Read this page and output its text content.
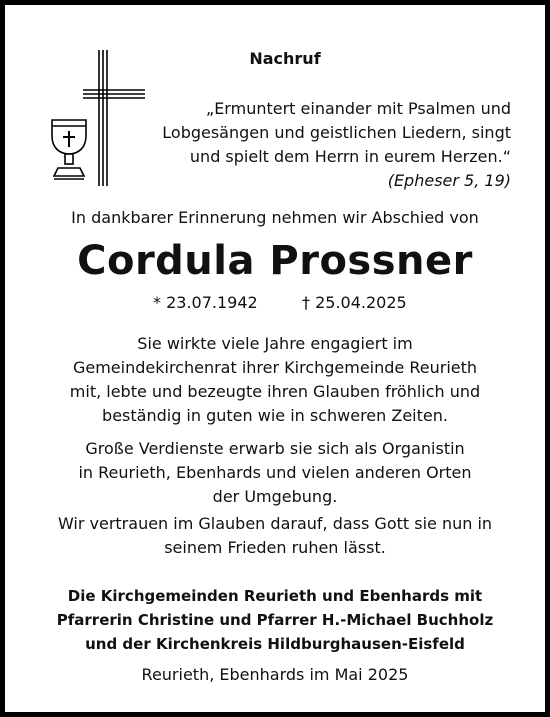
Nachruf
„Ermuntert einander mit Psalmen und
Lobgesängen und geistlichen Liedern, singt
und spielt dem Herrn in eurem Herzen.“
(Epheser 5, 19)
In dankbarer Erinnerung nehmen wir Abschied von
Cordula Prossner
* 23.07.1942	† 25.04.2025
Sie wirkte viele Jahre engagiert im
Gemeindekirchenrat ihrer Kirchgemeinde Reurieth
mit, lebte und bezeugte ihren Glauben fröhlich und
beständig in guten wie in schweren Zeiten.
Große Verdienste erwarb sie sich als Organistin
in Reurieth, Ebenhards und vielen anderen Orten
der Umgebung.
Wir vertrauen im Glauben darauf, dass Gott sie nun in
seinem Frieden ruhen lässt.
Die Kirchgemeinden Reurieth und Ebenhards mit
Pfarrerin Christine und Pfarrer H.-Michael Buchholz
und der Kirchenkreis Hildburghausen-Eisfeld
Reurieth, Ebenhards im Mai 2025
